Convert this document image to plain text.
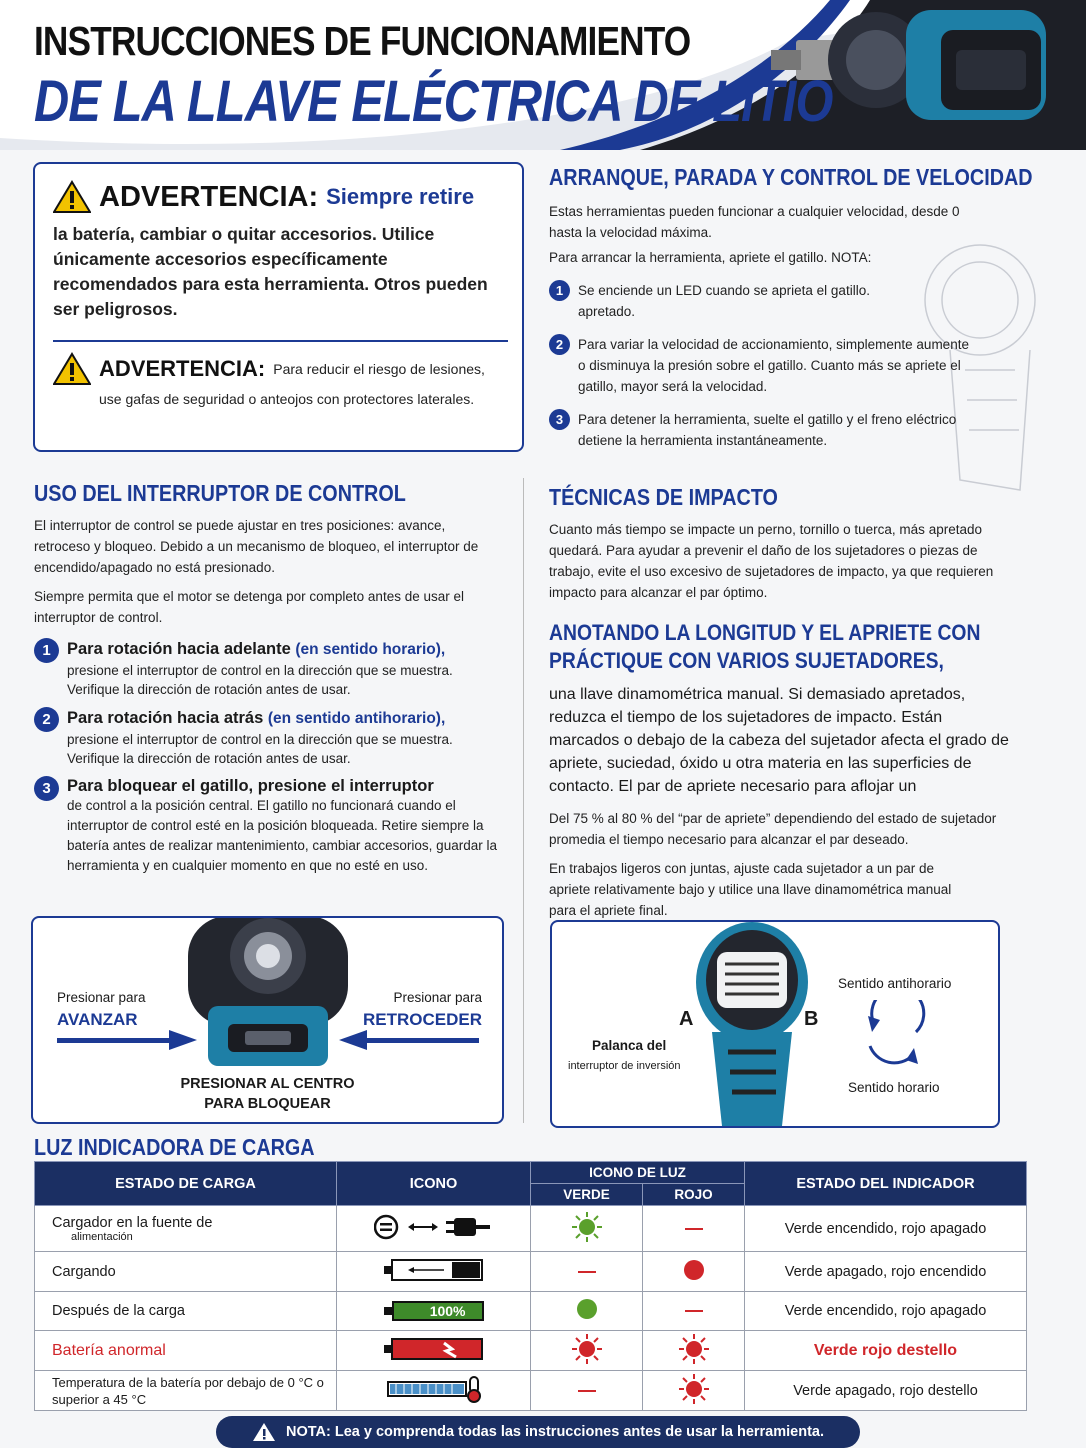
INSTRUCCIONES DE FUNCIONAMIENTO
DE LA LLAVE ELÉCTRICA DE LITIO
ADVERTENCIA: Siempre retire
la batería, cambiar o quitar accesorios. Utilice únicamente accesorios específicamente recomendados para esta herramienta. Otros pueden ser peligrosos.
ADVERTENCIA: Para reducir el riesgo de lesiones,
use gafas de seguridad o anteojos con protectores laterales.
ARRANQUE, PARADA Y CONTROL DE VELOCIDAD
Estas herramientas pueden funcionar a cualquier velocidad, desde 0 hasta la velocidad máxima.
Para arrancar la herramienta, apriete el gatillo. NOTA:
1	Se enciende un LED cuando se aprieta el gatillo. apretado.
2	Para variar la velocidad de accionamiento, simplemente aumente o disminuya la presión sobre el gatillo. Cuanto más se apriete el gatillo, mayor será la velocidad.
3	Para detener la herramienta, suelte el gatillo y el freno eléctrico detiene la herramienta instantáneamente.
USO DEL INTERRUPTOR DE CONTROL
El interruptor de control se puede ajustar en tres posiciones: avance, retroceso y bloqueo. Debido a un mecanismo de bloqueo, el interruptor de encendido/apagado no está presionado.
Siempre permita que el motor se detenga por completo antes de usar el interruptor de control.
1 Para rotación hacia adelante (en sentido horario),
presione el interruptor de control en la dirección que se muestra. Verifique la dirección de rotación antes de usar.
2 Para rotación hacia atrás (en sentido antihorario),
presione el interruptor de control en la dirección que se muestra. Verifique la dirección de rotación antes de usar.
3 Para bloquear el gatillo, presione el interruptor
de control a la posición central. El gatillo no funcionará cuando el interruptor de control esté en la posición bloqueada. Retire siempre la batería antes de realizar mantenimiento, cambiar accesorios, guardar la herramienta y en cualquier momento en que no esté en uso.
Presionar para
AVANZAR
Presionar para
RETROCEDER
PRESIONAR AL CENTRO
PARA BLOQUEAR
TÉCNICAS DE IMPACTO
Cuanto más tiempo se impacte un perno, tornillo o tuerca, más apretado quedará. Para ayudar a prevenir el daño de los sujetadores o piezas de trabajo, evite el uso excesivo de sujetadores de impacto, ya que requieren impacto para alcanzar el par óptimo.
ANOTANDO LA LONGITUD Y EL APRIETE CON
PRÁCTIQUE CON VARIOS SUJETADORES,
una llave dinamométrica manual. Si demasiado apretados, reduzca el tiempo de los sujetadores de impacto. Están marcados o debajo de la cabeza del sujetador afecta el grado de apriete, suciedad, óxido u otra materia en las superficies de contacto. El par de apriete necesario para aflojar un
Del 75 % al 80 % del “par de apriete” dependiendo del estado de sujetador promedia el tiempo necesario para alcanzar el par deseado.
En trabajos ligeros con juntas, ajuste cada sujetador a un par de apriete relativamente bajo y utilice una llave dinamométrica manual para el apriete final.
A	B
Palanca del
interruptor de inversión
Sentido antihorario
Sentido horario
LUZ INDICADORA DE CARGA
ESTADO DE CARGA	ICONO	ICONO DE LUZ		ESTADO DEL INDICADOR
		VERDE	ROJO	

Cargador en la fuente de
alimentación				Verde encendido, rojo apagado
Cargando				Verde apagado, rojo encendido
Después de la carga	100%			Verde encendido, rojo apagado
Batería anormal				Verde rojo destello
Temperatura de la batería por debajo de 0 °C o superior a 45 °C				Verde apagado, rojo destello
NOTA: Lea y comprenda todas las instrucciones antes de usar la herramienta.
